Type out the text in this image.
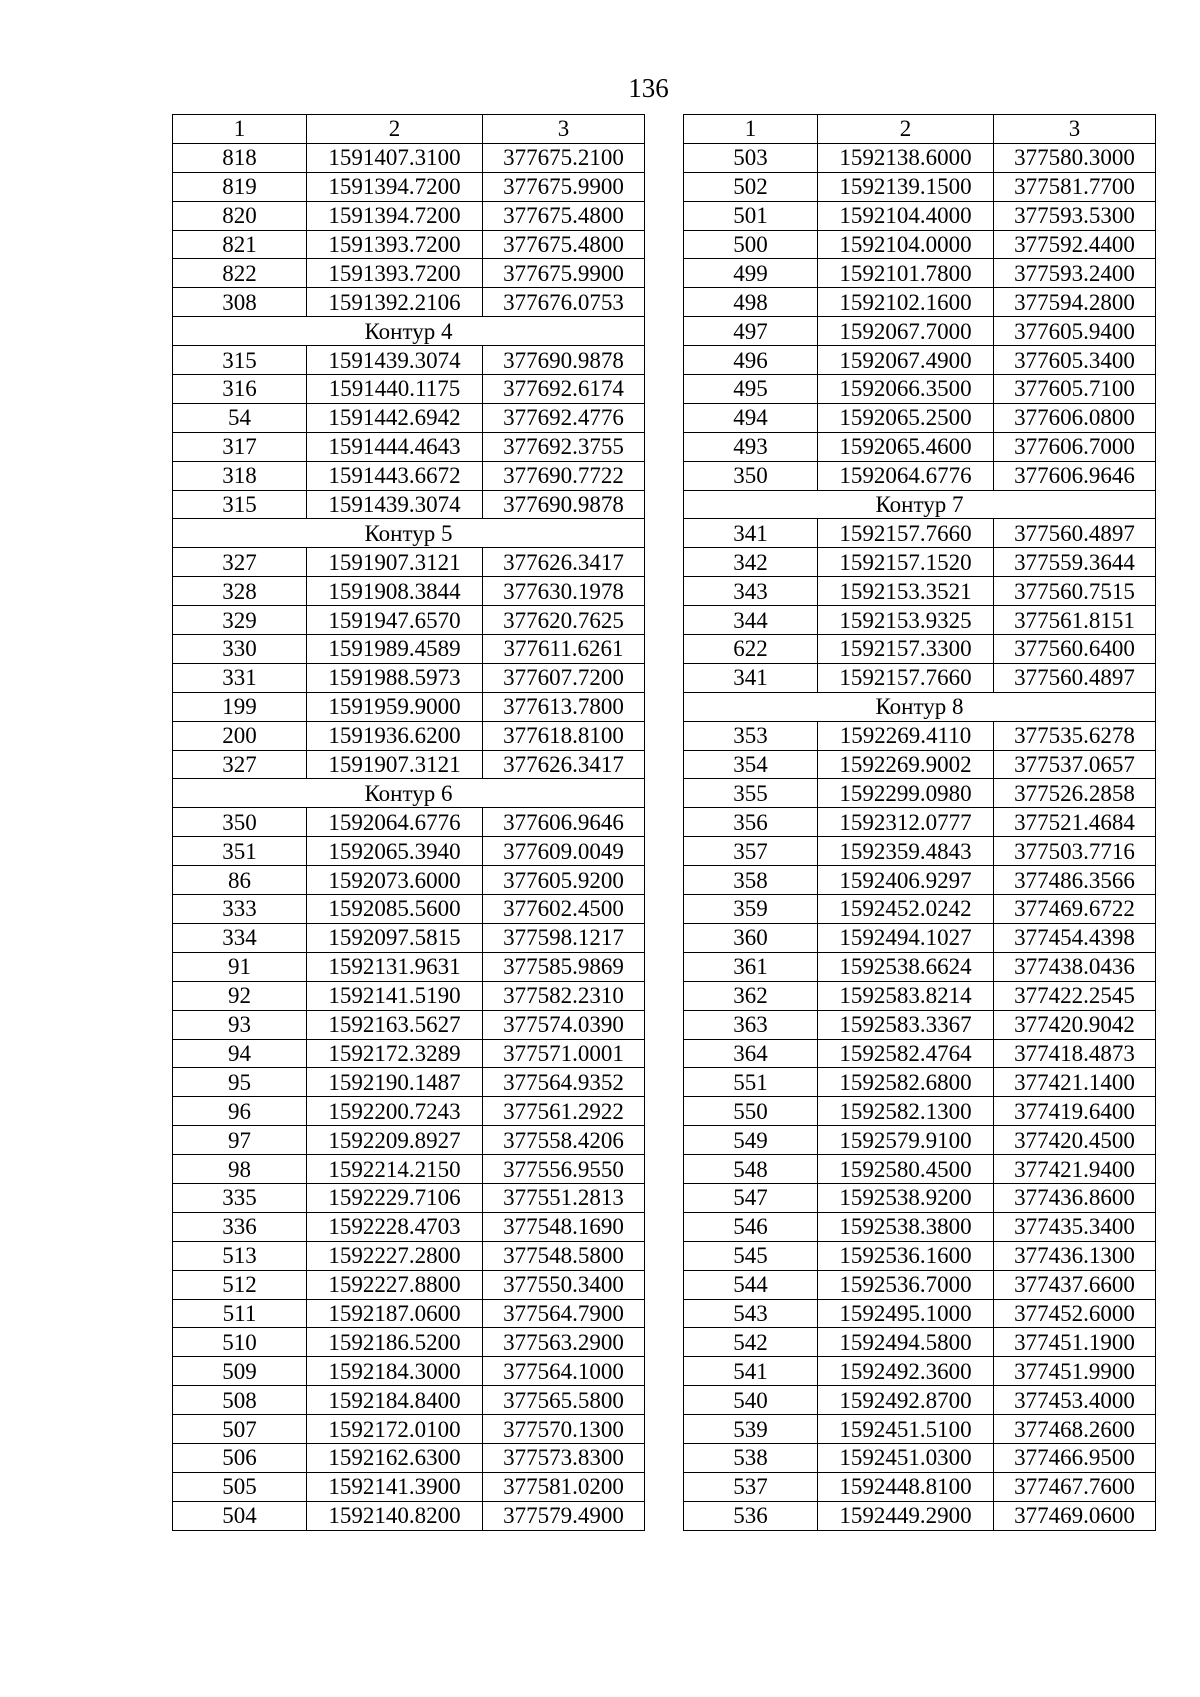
136
1	2	3
818	1591407.3100	377675.2100
819	1591394.7200	377675.9900
820	1591394.7200	377675.4800
821	1591393.7200	377675.4800
822	1591393.7200	377675.9900
308	1591392.2106	377676.0753
Контур 4		
315	1591439.3074	377690.9878
316	1591440.1175	377692.6174
54	1591442.6942	377692.4776
317	1591444.4643	377692.3755
318	1591443.6672	377690.7722
315	1591439.3074	377690.9878
Контур 5		
327	1591907.3121	377626.3417
328	1591908.3844	377630.1978
329	1591947.6570	377620.7625
330	1591989.4589	377611.6261
331	1591988.5973	377607.7200
199	1591959.9000	377613.7800
200	1591936.6200	377618.8100
327	1591907.3121	377626.3417
Контур 6		
350	1592064.6776	377606.9646
351	1592065.3940	377609.0049
86	1592073.6000	377605.9200
333	1592085.5600	377602.4500
334	1592097.5815	377598.1217
91	1592131.9631	377585.9869
92	1592141.5190	377582.2310
93	1592163.5627	377574.0390
94	1592172.3289	377571.0001
95	1592190.1487	377564.9352
96	1592200.7243	377561.2922
97	1592209.8927	377558.4206
98	1592214.2150	377556.9550
335	1592229.7106	377551.2813
336	1592228.4703	377548.1690
513	1592227.2800	377548.5800
512	1592227.8800	377550.3400
511	1592187.0600	377564.7900
510	1592186.5200	377563.2900
509	1592184.3000	377564.1000
508	1592184.8400	377565.5800
507	1592172.0100	377570.1300
506	1592162.6300	377573.8300
505	1592141.3900	377581.0200
504	1592140.8200	377579.4900
1	2	3
503	1592138.6000	377580.3000
502	1592139.1500	377581.7700
501	1592104.4000	377593.5300
500	1592104.0000	377592.4400
499	1592101.7800	377593.2400
498	1592102.1600	377594.2800
497	1592067.7000	377605.9400
496	1592067.4900	377605.3400
495	1592066.3500	377605.7100
494	1592065.2500	377606.0800
493	1592065.4600	377606.7000
350	1592064.6776	377606.9646
Контур 7		
341	1592157.7660	377560.4897
342	1592157.1520	377559.3644
343	1592153.3521	377560.7515
344	1592153.9325	377561.8151
622	1592157.3300	377560.6400
341	1592157.7660	377560.4897
Контур 8		
353	1592269.4110	377535.6278
354	1592269.9002	377537.0657
355	1592299.0980	377526.2858
356	1592312.0777	377521.4684
357	1592359.4843	377503.7716
358	1592406.9297	377486.3566
359	1592452.0242	377469.6722
360	1592494.1027	377454.4398
361	1592538.6624	377438.0436
362	1592583.8214	377422.2545
363	1592583.3367	377420.9042
364	1592582.4764	377418.4873
551	1592582.6800	377421.1400
550	1592582.1300	377419.6400
549	1592579.9100	377420.4500
548	1592580.4500	377421.9400
547	1592538.9200	377436.8600
546	1592538.3800	377435.3400
545	1592536.1600	377436.1300
544	1592536.7000	377437.6600
543	1592495.1000	377452.6000
542	1592494.5800	377451.1900
541	1592492.3600	377451.9900
540	1592492.8700	377453.4000
539	1592451.5100	377468.2600
538	1592451.0300	377466.9500
537	1592448.8100	377467.7600
536	1592449.2900	377469.0600
